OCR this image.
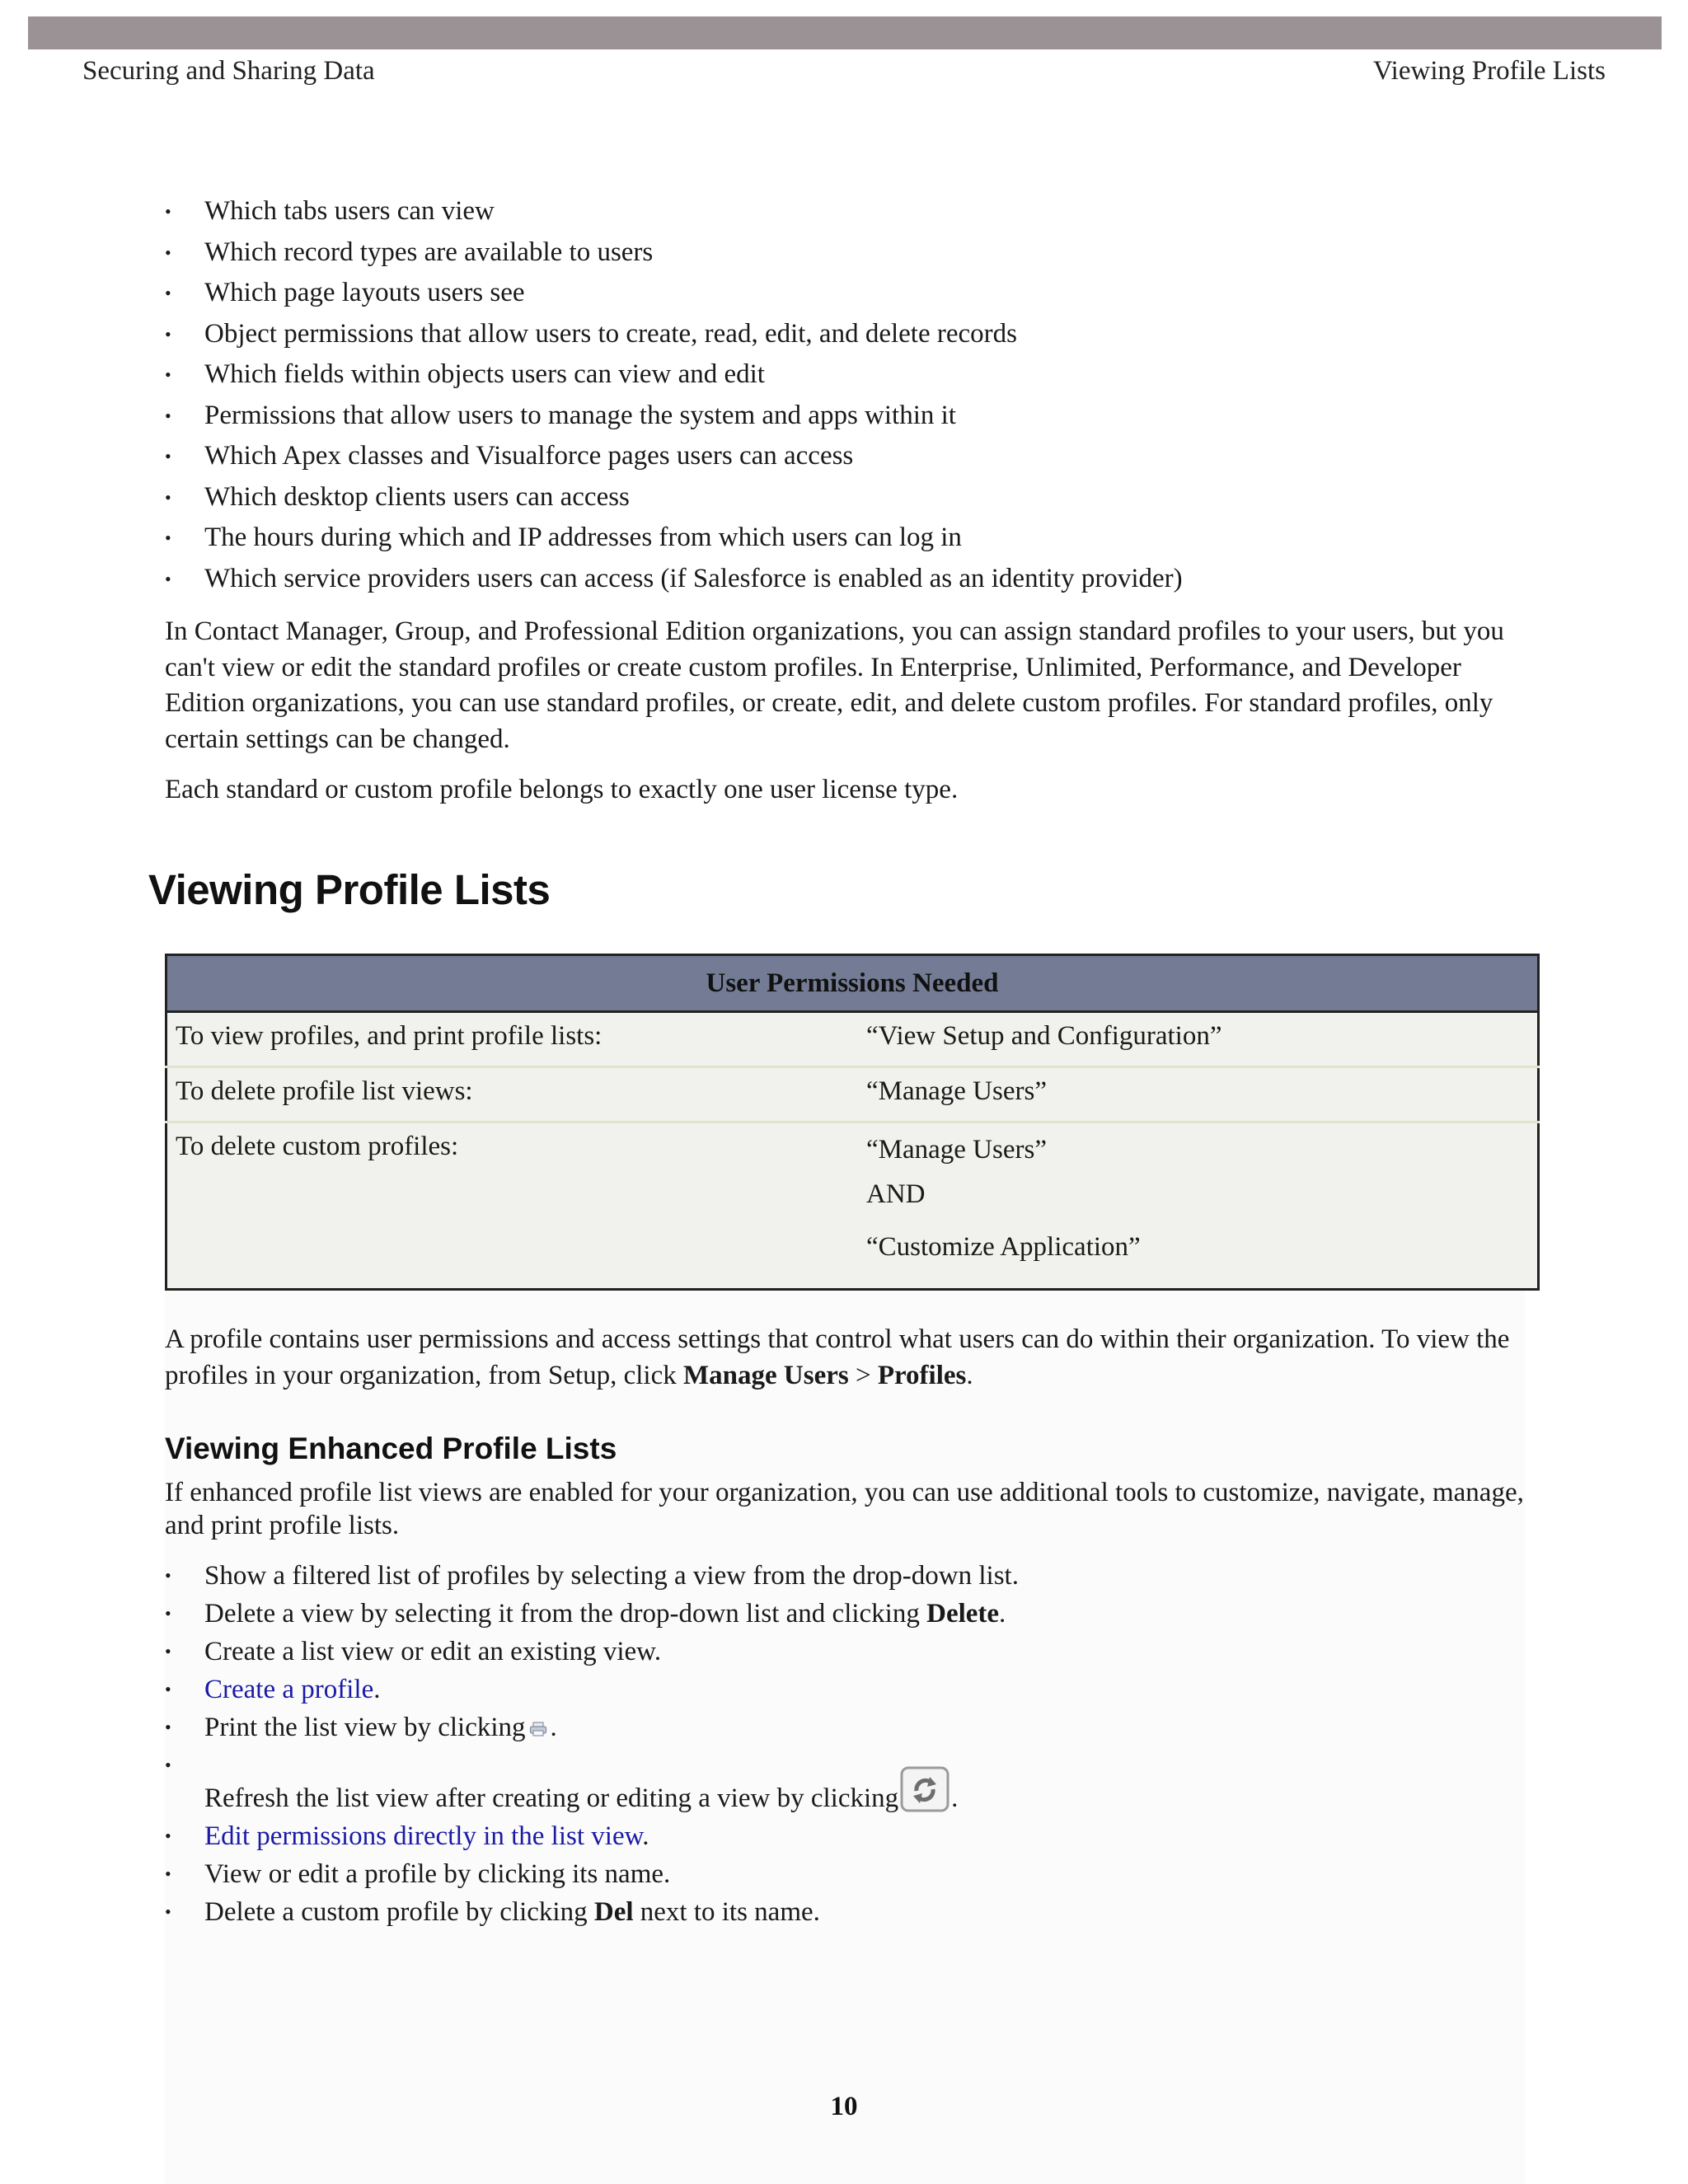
Securing and Sharing Data	Viewing Profile Lists
•	Which tabs users can view
•	Which record types are available to users
•	Which page layouts users see
•	Object permissions that allow users to create, read, edit, and delete records
•	Which fields within objects users can view and edit
•	Permissions that allow users to manage the system and apps within it
•	Which Apex classes and Visualforce pages users can access
•	Which desktop clients users can access
•	The hours during which and IP addresses from which users can log in
•	Which service providers users can access (if Salesforce is enabled as an identity provider)

In Contact Manager, Group, and Professional Edition organizations, you can assign standard profiles to your users, but you can't view or edit the standard profiles or create custom profiles. In Enterprise, Unlimited, Performance, and Developer Edition organizations, you can use standard profiles, or create, edit, and delete custom profiles. For standard profiles, only certain settings can be changed.

Each standard or custom profile belongs to exactly one user license type.

Viewing Profile Lists
User Permissions Needed	
To view profiles, and print profile lists:	“View Setup and Configuration”
To delete profile list views:	“Manage Users”
To delete custom profiles:	“Manage Users”
AND
“Customize Application”

A profile contains user permissions and access settings that control what users can do within their organization. To view the profiles in your organization, from Setup, click Manage Users > Profiles.

Viewing Enhanced Profile Lists

If enhanced profile list views are enabled for your organization, you can use additional tools to customize, navigate, manage, and print profile lists.

•	Show a filtered list of profiles by selecting a view from the drop-down list.
•	Delete a view by selecting it from the drop-down list and clicking Delete.
•	Create a list view or edit an existing view.
•	Create a profile.
•	Print the list view by clicking .
•
Refresh the list view after creating or editing a view by clicking .
•	Edit permissions directly in the list view.
•	View or edit a profile by clicking its name.
•	Delete a custom profile by clicking Del next to its name.
10
